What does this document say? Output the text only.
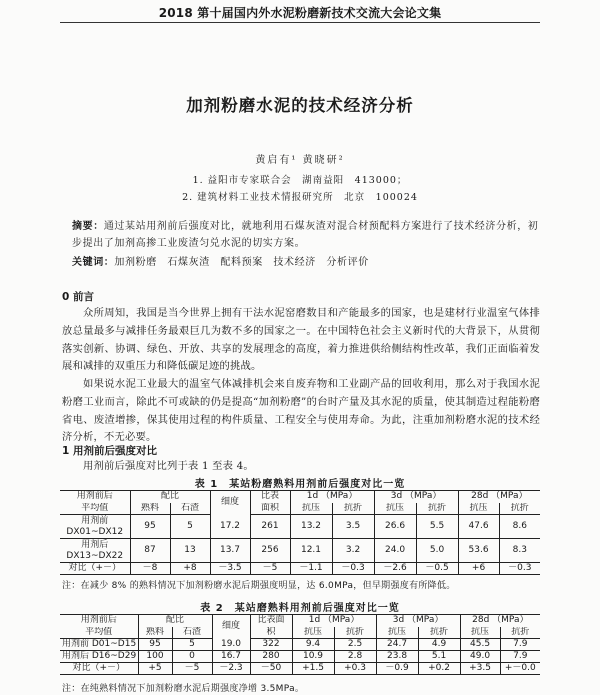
2018 第十届国内外水泥粉磨新技术交流大会论文集
加剂粉磨水泥的技术经济分析
黄启有¹ 黄晓研²
1. 益阳市专家联合会　湖南益阳　413000；
2. 建筑材料工业技术情报研究所　北京　100024
摘要：通过某站用剂前后强度对比，就地利用石煤灰渣对混合材预配料方案进行了技术经济分析，初步提出了加剂高掺工业废渣匀兑水泥的切实方案。
关键词：加剂粉磨　石煤灰渣　配料预案　技术经济　分析评价
0 前言
众所周知，我国是当今世界上拥有干法水泥窑磨数目和产能最多的国家，也是建材行业温室气体排放总量最多与减排任务最艰巨几为数不多的国家之一。在中国特色社会主义新时代的大背景下，从贯彻落实创新、协调、绿色、开放、共享的发展理念的高度，着力推进供给侧结构性改革，我们正面临着发展和减排的双重压力和降低碳足迹的挑战。
如果说水泥工业最大的温室气体减排机会来自废弃物和工业副产品的回收利用，那么对于我国水泥粉磨工业而言，除此不可或缺的仍是提高“加剂粉磨”的台时产量及其水泥的质量，使其制造过程能粉磨省电、废渣增掺，保其使用过程的构件质量、工程安全与使用寿命。为此，注重加剂粉磨水泥的技术经济分析，不无必要。
1 用剂前后强度对比
用剂前后强度对比列于表 1 至表 4。
表 1　某站粉磨熟料用剂前后强度对比一览
用剂前后	配比		细度	比表	1d （MPa）		3d （MPa）		28d （MPa）	
平均值	熟料	石渣		面积	抗压	抗折	抗压	抗折	抗压	抗折
用剂前
DX01~DX12	95	5	17.2	261	13.2	3.5	26.6	5.5	47.6	8.6
用剂后
DX13~DX22	87	13	13.7	256	12.1	3.2	24.0	5.0	53.6	8.3
对比（+－）	－8	+8	－3.5	－5	－1.1	－0.3	－2.6	－0.5	+6	－0.3
注：在减少 8% 的熟料情况下加剂粉磨水泥后期强度明显，达 6.0MPa，但早期强度有所降低。
表 2　某站磨熟料用剂前后强度对比一览
用剂前后	配比		细度	比表面	1d （MPa）		3d （MPa）		28d （MPa）	
平均值	熟料	石渣		积	抗压	抗折	抗压	抗折	抗压	抗折
用剂前 D01~D15	95	5	19.0	322	9.4	2.5	24.7	4.9	45.5	7.9
用剂后 D16~D29	100	0	16.7	280	10.9	2.8	23.8	5.1	49.0	7.9
对比（+－）	+5	－5	－2.3	－50	+1.5	+0.3	－0.9	+0.2	+3.5	+－0.0
注：在纯熟料情况下加剂粉磨水泥后期强度净增 3.5MPa。
